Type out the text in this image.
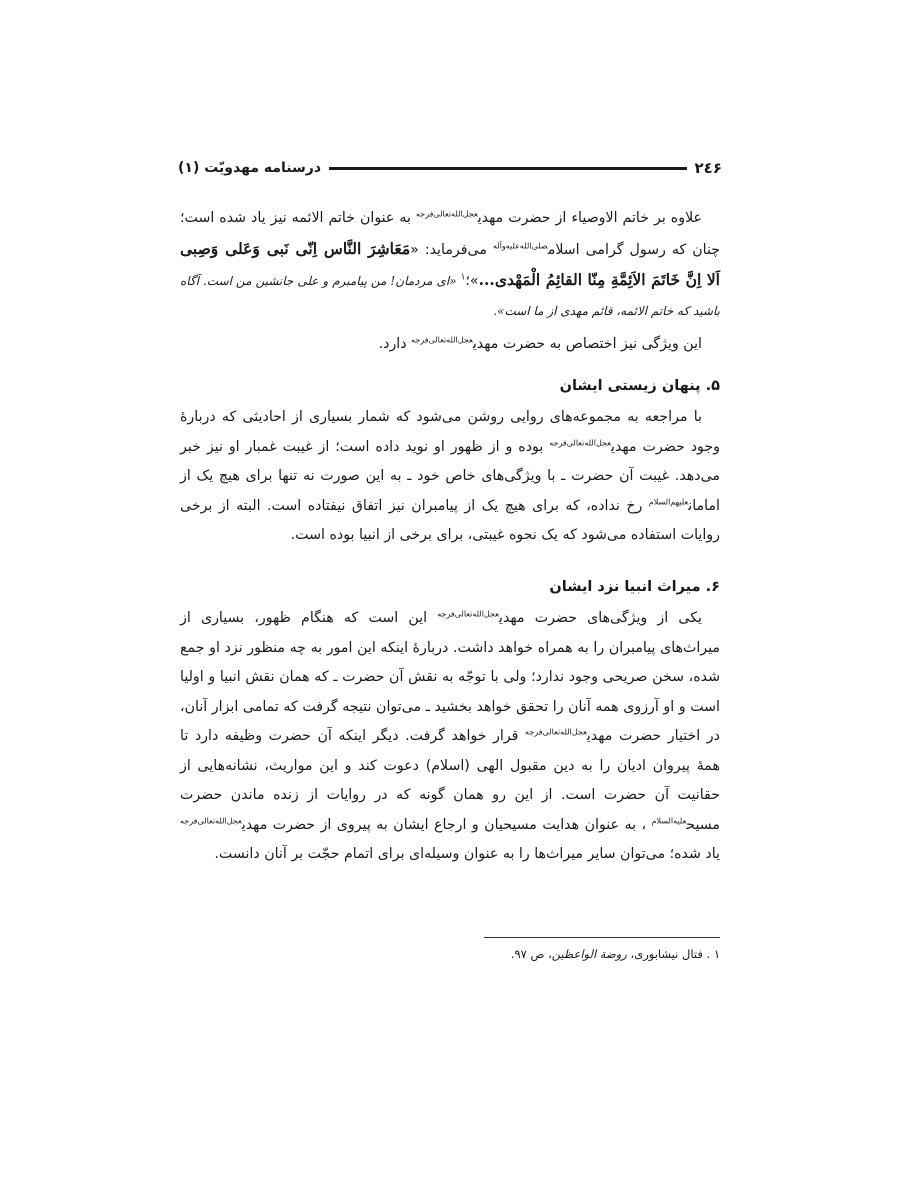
۲٤۶
درسنامه مهدویّت (۱)

علاوه بر خاتم الاوصیاء از حضرت مهدی$^{عجل‌الله‌تعالی‌فرجه}$ به عنوان خاتم الائمه نیز یاد شده است؛ چنان که رسول گرامی اسلام$^{صلی‌الله‌علیه‌وآله}$ می‌فرماید: «مَعَاشِرَ النَّاس اِنّی نَبی وَعَلی وَصِبی اَلا اِنَّ خَاتَمَ الاَئِمَّةِ مِنّا القائِمُ الْمَهْدی...»؛$^۱$ «ای مردمان! من پیامبرم و علی جانشین من است. آگاه باشید که خاتم الائمه، قائم مهدی از ما است».

این ویژگی نیز اختصاص به حضرت مهدی$^{عجل‌الله‌تعالی‌فرجه}$ دارد.

۵. پنهان زیستی ایشان

با مراجعه به مجموعه‌های روایی روشن می‌شود که شمار بسیاری از احادیثی که دربارهٔ وجود حضرت مهدی$^{عجل‌الله‌تعالی‌فرجه}$ بوده و از ظهور او نوید داده است؛ از غیبت غمبار او نیز خبر می‌دهد. غیبت آن حضرت ـ با ویژگی‌های خاص خود ـ به این صورت نه تنها برای هیچ یک از امامان$^{علیهم‌السلام}$ رخ نداده، که برای هیچ یک از پیامبران نیز اتفاق نیفتاده است. البته از برخی روایات استفاده می‌شود که یک نحوه غیبتی، برای برخی از انبیا بوده است.

۶. میراث انبیا نزد ایشان

یکی از ویژگی‌های حضرت مهدی$^{عجل‌الله‌تعالی‌فرجه}$ این است که هنگام ظهور، بسیاری از میراث‌های پیامبران را به همراه خواهد داشت. دربارهٔ اینکه این امور به چه منظور نزد او جمع شده، سخن صریحی وجود ندارد؛ ولی با توجّه به نقش آن حضرت ـ که همان نقش انبیا و اولیا است و او آرزوی همه آنان را تحقق خواهد بخشید ـ می‌توان نتیجه گرفت که تمامی ابزار آنان، در اختیار حضرت مهدی$^{عجل‌الله‌تعالی‌فرجه}$ قرار خواهد گرفت. دیگر اینکه آن حضرت وظیفه دارد تا همهٔ پیروان ادیان را به دین مقبول الهی (اسلام) دعوت کند و این مواریث، نشانه‌هایی از حقانیت آن حضرت است. از این رو همان گونه که در روایات از زنده ماندن حضرت مسیح$^{علیه‌السلام}$ ، به عنوان هدایت مسیحیان و ارجاع ایشان به پیروی از حضرت مهدی$^{عجل‌الله‌تعالی‌فرجه}$ یاد شده؛ می‌توان سایر میراث‌ها را به عنوان وسیله‌ای برای اتمام حجّت بر آنان دانست.

۱ . فتال نیشابوری، روضة الواعظین، ص ۹۷.
